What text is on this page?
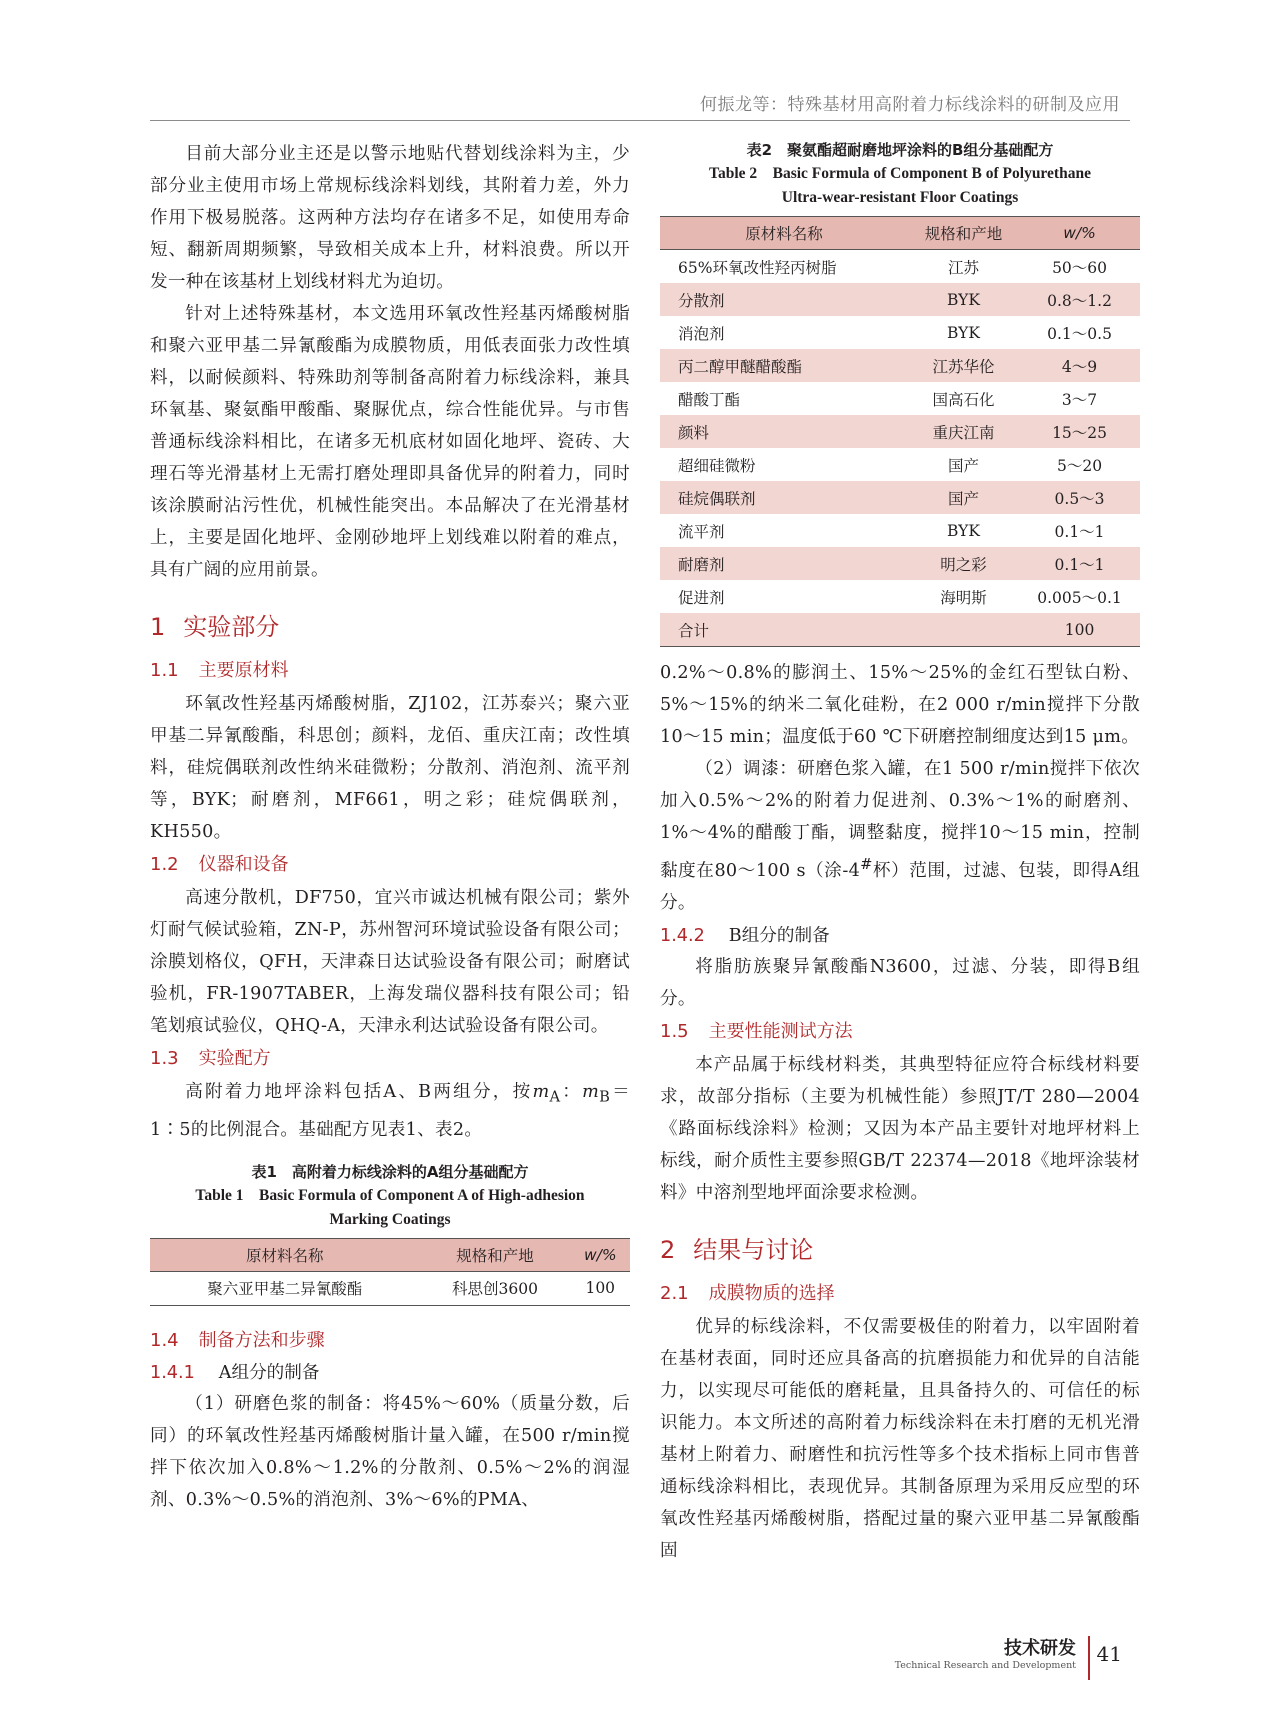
何振龙等：特殊基材用高附着力标线涂料的研制及应用

目前大部分业主还是以警示地贴代替划线涂料为主，少部分业主使用市场上常规标线涂料划线，其附着力差，外力作用下极易脱落。这两种方法均存在诸多不足，如使用寿命短、翻新周期频繁，导致相关成本上升，材料浪费。所以开发一种在该基材上划线材料尤为迫切。

针对上述特殊基材，本文选用环氧改性羟基丙烯酸树脂和聚六亚甲基二异氰酸酯为成膜物质，用低表面张力改性填料，以耐候颜料、特殊助剂等制备高附着力标线涂料，兼具环氧基、聚氨酯甲酸酯、聚脲优点，综合性能优异。与市售普通标线涂料相比，在诸多无机底材如固化地坪、瓷砖、大理石等光滑基材上无需打磨处理即具备优异的附着力，同时该涂膜耐沾污性优，机械性能突出。本品解决了在光滑基材上，主要是固化地坪、金刚砂地坪上划线难以附着的难点，具有广阔的应用前景。

1 实验部分
1.1 主要原材料

环氧改性羟基丙烯酸树脂，ZJ102，江苏泰兴；聚六亚甲基二异氰酸酯，科思创；颜料，龙佰、重庆江南；改性填料，硅烷偶联剂改性纳米硅微粉；分散剂、消泡剂、流平剂等，BYK；耐磨剂，MF661，明之彩；硅烷偶联剂，KH550。

1.2 仪器和设备

高速分散机，DF750，宜兴市诚达机械有限公司；紫外灯耐气候试验箱，ZN-P，苏州智河环境试验设备有限公司；涂膜划格仪，QFH，天津森日达试验设备有限公司；耐磨试验机，FR-1907TABER，上海发瑞仪器科技有限公司；铅笔划痕试验仪，QHQ-A，天津永利达试验设备有限公司。

1.3 实验配方

高附着力地坪涂料包括A、B两组分，按$m_A$：$m_B=1∶5$的比例混合。基础配方见表1、表2。

表1　高附着力标线涂料的A组分基础配方
Table 1　Basic Formula of Component A of High-adhesion
Marking Coatings
原材料名称	规格和产地	w/%
聚六亚甲基二异氰酸酯	科思创3600	100
1.4 制备方法和步骤
1.4.1 A组分的制备

（1）研磨色浆的制备：将45%～60%（质量分数，后同）的环氧改性羟基丙烯酸树脂计量入罐，在500 r/min搅拌下依次加入0.8%～1.2%的分散剂、0.5%～2%的润湿剂、0.3%～0.5%的消泡剂、3%～6%的PMA、

表2　聚氨酯超耐磨地坪涂料的B组分基础配方
Table 2　Basic Formula of Component B of Polyurethane
Ultra-wear-resistant Floor Coatings
原材料名称	规格和产地	w/%
65%环氧改性羟丙树脂	江苏	50～60
分散剂	BYK	0.8～1.2
消泡剂	BYK	0.1～0.5
丙二醇甲醚醋酸酯	江苏华伦	4～9
醋酸丁酯	国高石化	3～7
颜料	重庆江南	15～25
超细硅微粉	国产	5～20
硅烷偶联剂	国产	0.5～3
流平剂	BYK	0.1～1
耐磨剂	明之彩	0.1～1
促进剂	海明斯	0.005～0.1
合计		100

0.2%～0.8%的膨润土、15%～25%的金红石型钛白粉、5%～15%的纳米二氧化硅粉，在2 000 r/min搅拌下分散10～15 min；温度低于60 ℃下研磨控制细度达到15 μm。

（2）调漆：研磨色浆入罐，在1 500 r/min搅拌下依次加入0.5%～2%的附着力促进剂、0.3%～1%的耐磨剂、1%～4%的醋酸丁酯，调整黏度，搅拌10～15 min，控制黏度在80～100 s（涂-4#杯）范围，过滤、包装，即得A组分。

1.4.2 B组分的制备

将脂肪族聚异氰酸酯N3600，过滤、分装，即得B组分。

1.5 主要性能测试方法

本产品属于标线材料类，其典型特征应符合标线材料要求，故部分指标（主要为机械性能）参照JT/T 280—2004《路面标线涂料》检测；又因为本产品主要针对地坪材料上标线，耐介质性主要参照GB/T 22374—2018《地坪涂装材料》中溶剂型地坪面涂要求检测。

2 结果与讨论
2.1 成膜物质的选择

优异的标线涂料，不仅需要极佳的附着力，以牢固附着在基材表面，同时还应具备高的抗磨损能力和优异的自洁能力，以实现尽可能低的磨耗量，且具备持久的、可信任的标识能力。本文所述的高附着力标线涂料在未打磨的无机光滑基材上附着力、耐磨性和抗污性等多个技术指标上同市售普通标线涂料相比，表现优异。其制备原理为采用反应型的环氧改性羟基丙烯酸树脂，搭配过量的聚六亚甲基二异氰酸酯固

技术研发
Technical Research and Development 41
